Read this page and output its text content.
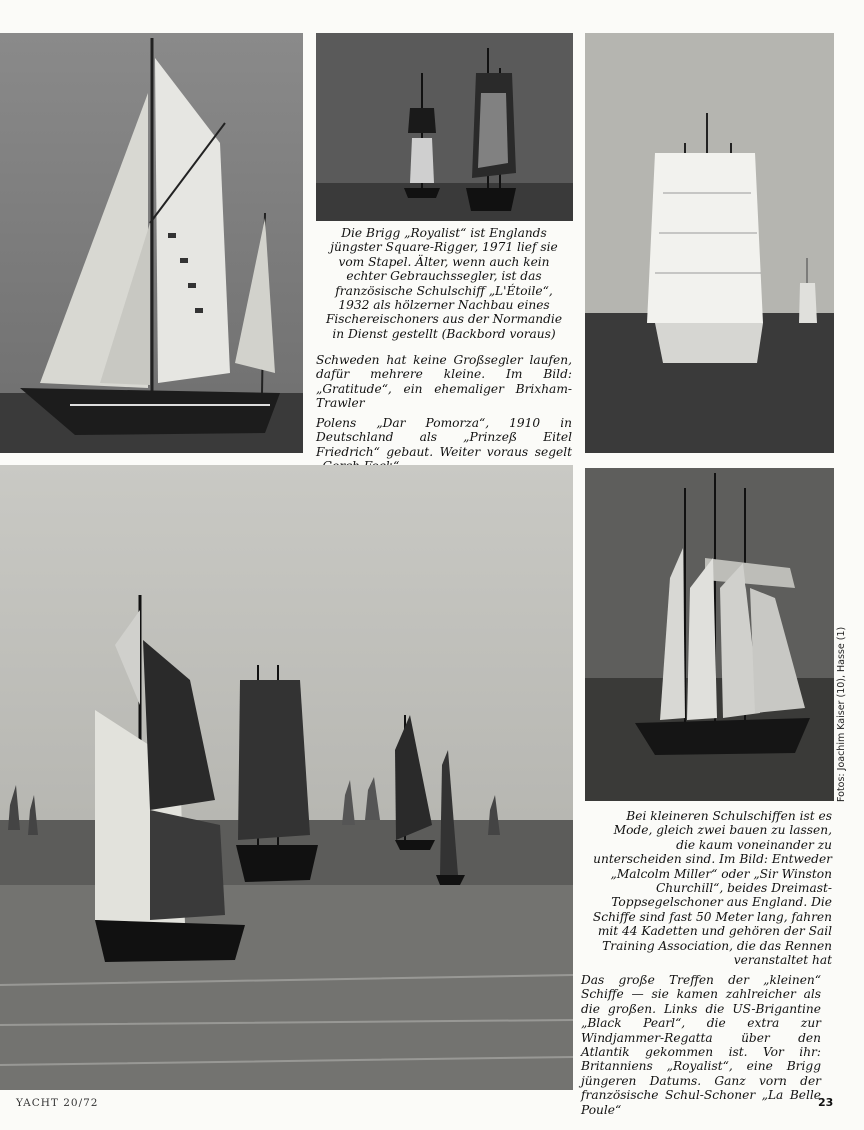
Die Brigg „Royalist“ ist Englands jüngster Square-Rigger, 1971 lief sie vom Stapel. Älter, wenn auch kein echter Gebrauchssegler, ist das französische Schulschiff „L'Étoile“, 1932 als hölzerner Nachbau eines Fischereischoners aus der Normandie in Dienst gestellt (Backbord voraus)
Schweden hat keine Großsegler laufen, dafür mehrere kleine. Im Bild: „Gratitude“, ein ehemaliger Brixham-Trawler
Polens „Dar Pomorza“, 1910 in Deutschland als „Prinzeß Eitel Friedrich“ gebaut. Weiter voraus segelt
Fotos: Joachim Kaiser (10), Hasse (1)
Bei kleineren Schulschiffen ist es Mode, gleich zwei bauen zu lassen, die kaum voneinander zu unterscheiden sind. Im Bild: Entweder „Malcolm Miller“ oder „Sir Winston Churchill“, beides Dreimast-Toppsegelschoner aus England. Die Schiffe sind fast 50 Meter lang, fahren mit 44 Kadetten und gehören der Sail Training Association, die das Rennen veranstaltet hat
Das große Treffen der „kleinen“ Schiffe — sie kamen zahlreicher als die großen. Links die US-Brigantine „Black Pearl“, die extra zur Windjammer-Regatta über den Atlantik gekommen ist. Vor ihr: Britanniens „Royalist“, eine Brigg jüngeren Datums. Ganz vorn der französische Schul-Schoner „La Belle Poule“
YACHT 20/72	23
